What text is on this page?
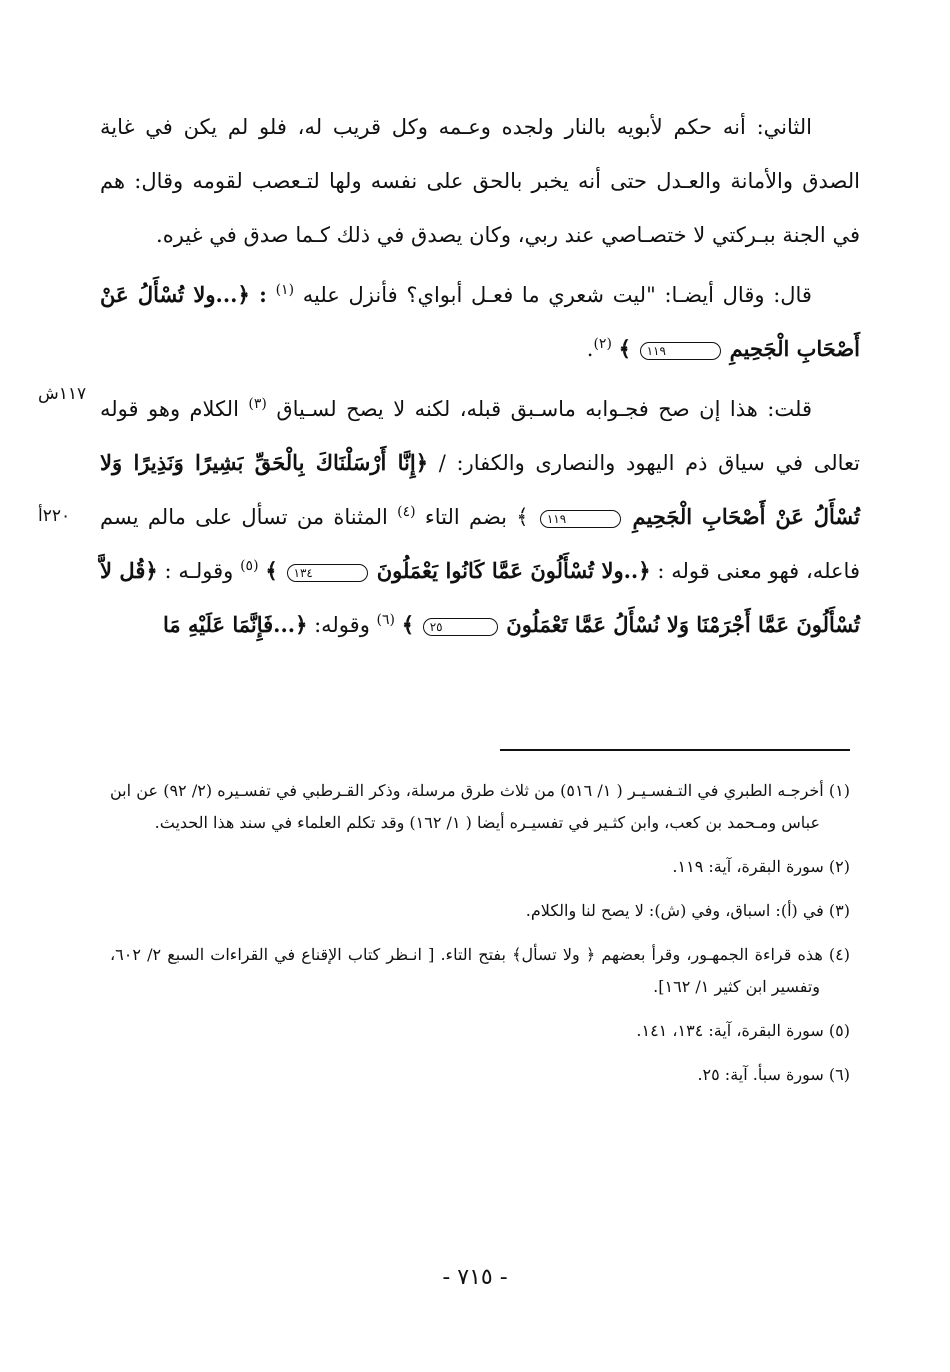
الثاني: أنه حكم لأبويه بالنار ولجده وعـمه وكل قريب له، فلو لم يكن في غاية الصدق والأمانة والعـدل حتى أنه يخبر بالحق على نفسه ولها لتـعصب لقومه وقال: هم في الجنة ببـركتي لا ختصـاصي عند ربي، وكان يصدق في ذلك كـما صدق في غيره.

قال: وقال أيضـا: "ليت شعري ما فعـل أبواي؟ فأنزل عليه $^{(١)}$ : ﴿...ولا تُسْأَلُ عَنْ أَصْحَابِ الْجَحِيمِ ١١٩ ﴾ $^{(٢)}$.

قلت: هذا إن صح فجـوابه ماسـبق قبله، لكنه لا يصح لسـياق $^{(٣)}$ الكلام وهو قوله تعالى في سياق ذم اليهود والنصارى والكفار: / ﴿إِنَّا أَرْسَلْنَاكَ بِالْحَقِّ بَشِيرًا وَنَذِيرًا وَلا تُسْأَلُ عَنْ أَصْحَابِ الْجَحِيمِ ١١٩ ﴾ بضم التاء $^{(٤)}$ المثناة من تسأل على مالم يسم فاعله، فهو معنى قوله : ﴿..ولا تُسْأَلُونَ عَمَّا كَانُوا يَعْمَلُونَ ١٣٤ ﴾ $^{(٥)}$ وقولـه : ﴿قُل لاَّ تُسْأَلُونَ عَمَّا أَجْرَمْنَا وَلا نُسْأَلُ عَمَّا تَعْمَلُونَ ٢٥ ﴾ $^{(٦)}$ وقوله: ﴿...فَإِنَّمَا عَلَيْهِ مَا

١١٧ش
٢٢٠أ

(١) أخرجـه الطبري في التـفسـيـر ( ١/ ٥١٦) من ثلاث طرق مرسلة، وذكر القـرطبي في تفسـيره (٢/ ٩٢) عن ابن عباس ومـحمد بن كعب، وابن كثـير في تفسيـره أيضا ( ١/ ١٦٢) وقد تكلم العلماء في سند هذا الحديث.

(٢) سورة البقرة، آية: ١١٩.

(٣) في (أ): اسباق، وفي (ش): لا يصح لنا والكلام.

(٤) هذه قراءة الجمهـور، وقرأ بعضهم ﴿ ولا تسأل﴾ بفتح التاء. [ انـظر كتاب الإقناع في القراءات السبع ٢/ ٦٠٢، وتفسير ابن كثير ١/ ١٦٢].

(٥) سورة البقرة، آية: ١٣٤، ١٤١.

(٦) سورة سبأ. آية: ٢٥.

- ٧١٥ -
